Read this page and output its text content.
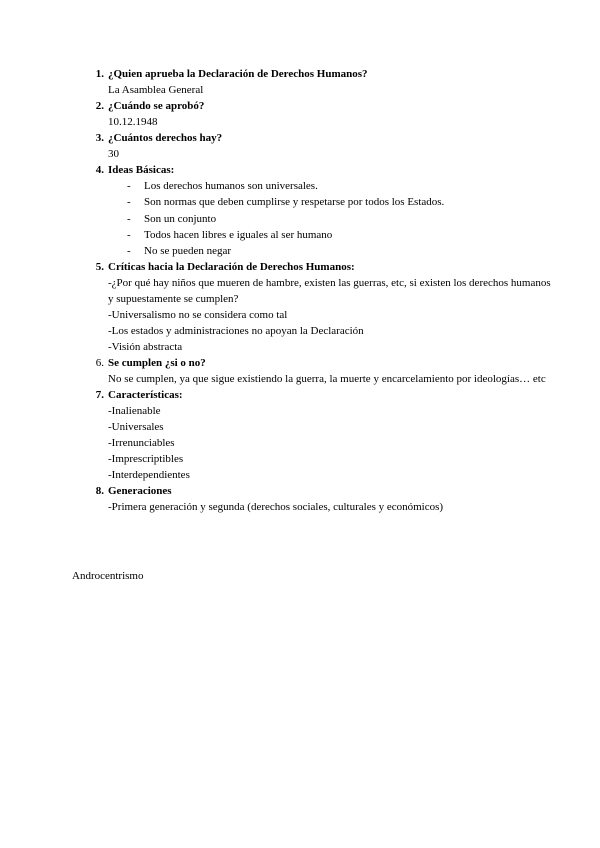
1. ¿Quien aprueba la Declaración de Derechos Humanos?
La Asamblea General
2. ¿Cuándo se aprobó?
10.12.1948
3. ¿Cuántos derechos hay?
30
4. Ideas Básicas:
- Los derechos humanos son universales.
- Son normas que deben cumplirse y respetarse por todos los Estados.
- Son un conjunto
- Todos hacen libres e iguales al ser humano
- No se pueden negar
5. Críticas hacia la Declaración de Derechos Humanos:
-¿Por qué hay niños que mueren de hambre, existen las guerras, etc, si existen los derechos humanos y supuestamente se cumplen?
-Universalismo no se considera como tal
-Los estados y administraciones no apoyan la Declaración
-Visión abstracta
6. Se cumplen ¿si o no?
No se cumplen, ya que sigue existiendo la guerra, la muerte y encarcelamiento por ideologías… etc
7. Características:
-Inalienable
-Universales
-Irrenunciables
-Imprescriptibles
-Interdependientes
8. Generaciones
-Primera generación y segunda (derechos sociales, culturales y económicos)
Androcentrismo
